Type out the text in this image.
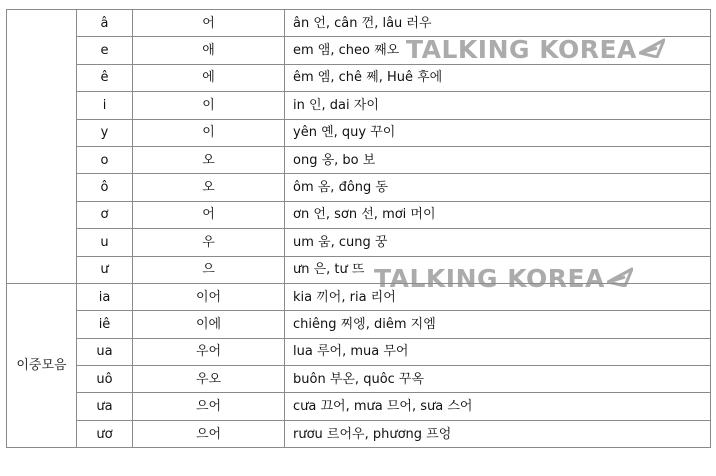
	â	어	ân 언, cân 껀, lâu 러우
	e	애	em 앰, cheo 째오
	ê	에	êm 엠, chê 쩨, Huê 후에
	i	이	in 인, dai 자이
	y	이	yên 옌, quy 꾸이
	o	오	ong 옹, bo 보
	ô	오	ôm 옴, đông 동
	ơ	어	ơn 언, sơn 선, mơi 머이
	u	우	um 움, cung 꿍
	ư	으	ưn 은, tư 뜨
이중모음	ia	이어	kia 끼어, ria 리어
	iê	이에	chiêng 찌엥, diêm 지엠
	ua	우어	lua 루어, mua 무어
	uô	우오	buôn 부온, quôc 꾸옥
	ưa	으어	cưa 끄어, mưa 므어, sưa 스어
	ươ	으어	rươu 르어우, phương 프엉
TALKING KOREA
TALKING KOREA
